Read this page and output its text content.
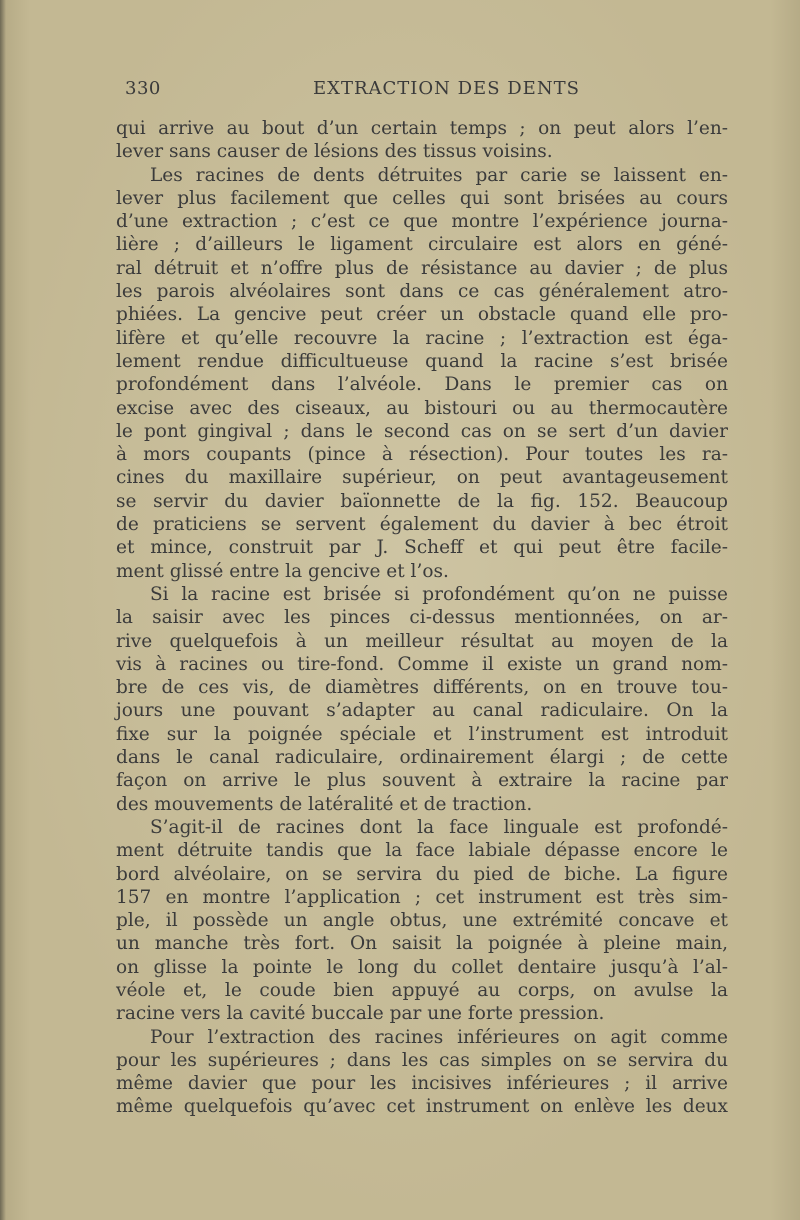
330	EXTRACTION DES DENTS

qui arrive au bout d’un certain temps ; on peut alors l’en-
lever sans causer de lésions des tissus voisins.

Les racines de dents détruites par carie se laissent en-
lever plus facilement que celles qui sont brisées au cours
d’une extraction ; c’est ce que montre l’expérience journa-
lière ; d’ailleurs le ligament circulaire est alors en géné-
ral détruit et n’offre plus de résistance au davier ; de plus
les parois alvéolaires sont dans ce cas généralement atro-
phiées. La gencive peut créer un obstacle quand elle pro-
lifère et qu’elle recouvre la racine ; l’extraction est éga-
lement rendue difficultueuse quand la racine s’est brisée
profondément dans l’alvéole. Dans le premier cas on
excise avec des ciseaux, au bistouri ou au thermocautère
le pont gingival ; dans le second cas on se sert d’un davier
à mors coupants (pince à résection). Pour toutes les ra-
cines du maxillaire supérieur, on peut avantageusement
se servir du davier baïonnette de la fig. 152. Beaucoup
de praticiens se servent également du davier à bec étroit
et mince, construit par J. Scheff et qui peut être facile-
ment glissé entre la gencive et l’os.

Si la racine est brisée si profondément qu’on ne puisse
la saisir avec les pinces ci-dessus mentionnées, on ar-
rive quelquefois à un meilleur résultat au moyen de la
vis à racines ou tire-fond. Comme il existe un grand nom-
bre de ces vis, de diamètres différents, on en trouve tou-
jours une pouvant s’adapter au canal radiculaire. On la
fixe sur la poignée spéciale et l’instrument est introduit
dans le canal radiculaire, ordinairement élargi ; de cette
façon on arrive le plus souvent à extraire la racine par
des mouvements de latéralité et de traction.

S’agit-il de racines dont la face linguale est profondé-
ment détruite tandis que la face labiale dépasse encore le
bord alvéolaire, on se servira du pied de biche. La figure
157 en montre l’application ; cet instrument est très sim-
ple, il possède un angle obtus, une extrémité concave et
un manche très fort. On saisit la poignée à pleine main,
on glisse la pointe le long du collet dentaire jusqu’à l’al-
véole et, le coude bien appuyé au corps, on avulse la
racine vers la cavité buccale par une forte pression.

Pour l’extraction des racines inférieures on agit comme
pour les supérieures ; dans les cas simples on se servira du
même davier que pour les incisives inférieures ; il arrive
même quelquefois qu’avec cet instrument on enlève les deux
